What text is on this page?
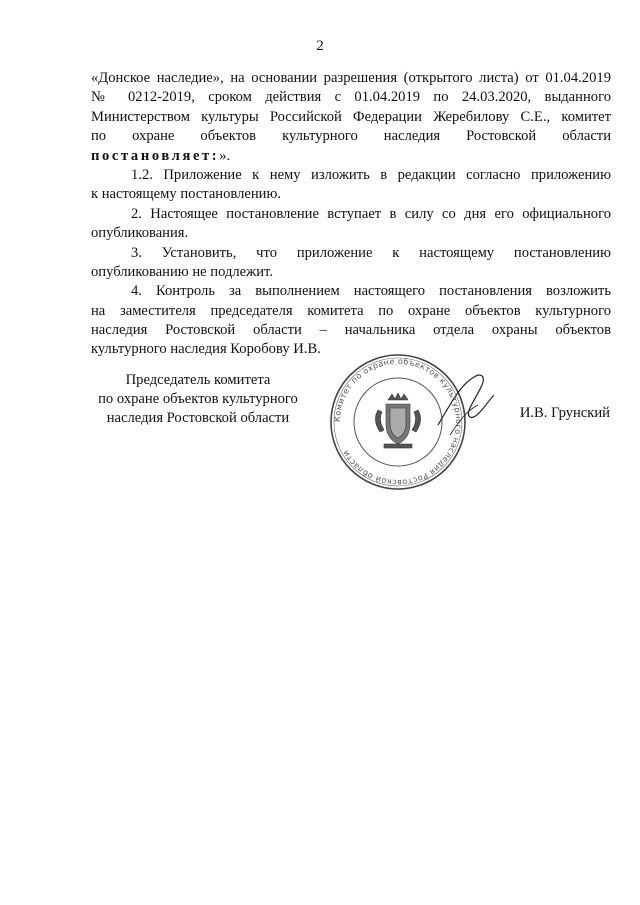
2
«Донское наследие», на основании разрешения (открытого листа) от 01.04.2019
№ 0212-2019, сроком действия с 01.04.2019 по 24.03.2020, выданного
Министерством культуры Российской Федерации Жеребилову С.Е., комитет
по охране объектов культурного наследия Ростовской области
постановляет:».
1.2. Приложение к нему изложить в редакции согласно приложению
к настоящему постановлению.
2. Настоящее постановление вступает в силу со дня его официального
опубликования.
3. Установить, что приложение к настоящему постановлению
опубликованию не подлежит.
4. Контроль за выполнением настоящего постановления возложить
на заместителя председателя комитета по охране объектов культурного
наследия Ростовской области – начальника отдела охраны объектов
культурного наследия Коробову И.В.
Председатель комитета
по охране объектов культурного
наследия Ростовской области	Комитет по охране объектов культурного наследия Ростовской области
И.В. Грунский
